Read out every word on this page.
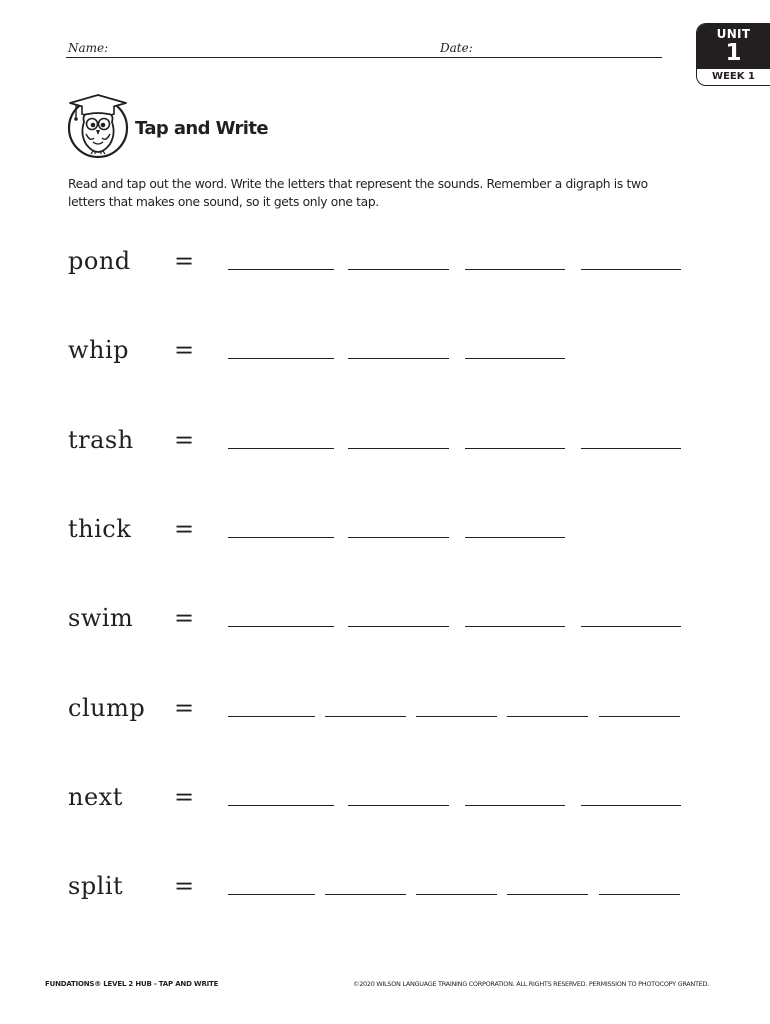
Name:	Date:
UNIT
1
WEEK 1
Tap and Write
Read and tap out the word. Write the letters that represent the sounds. Remember a digraph is two letters that makes one sound, so it gets only one tap.
pond =
whip =
trash =
thick =
swim =
clump =
next =
split =
FUNDATIONS® LEVEL 2 HUB - TAP AND WRITE	©2020 WILSON LANGUAGE TRAINING CORPORATION. ALL RIGHTS RESERVED. PERMISSION TO PHOTOCOPY GRANTED.
